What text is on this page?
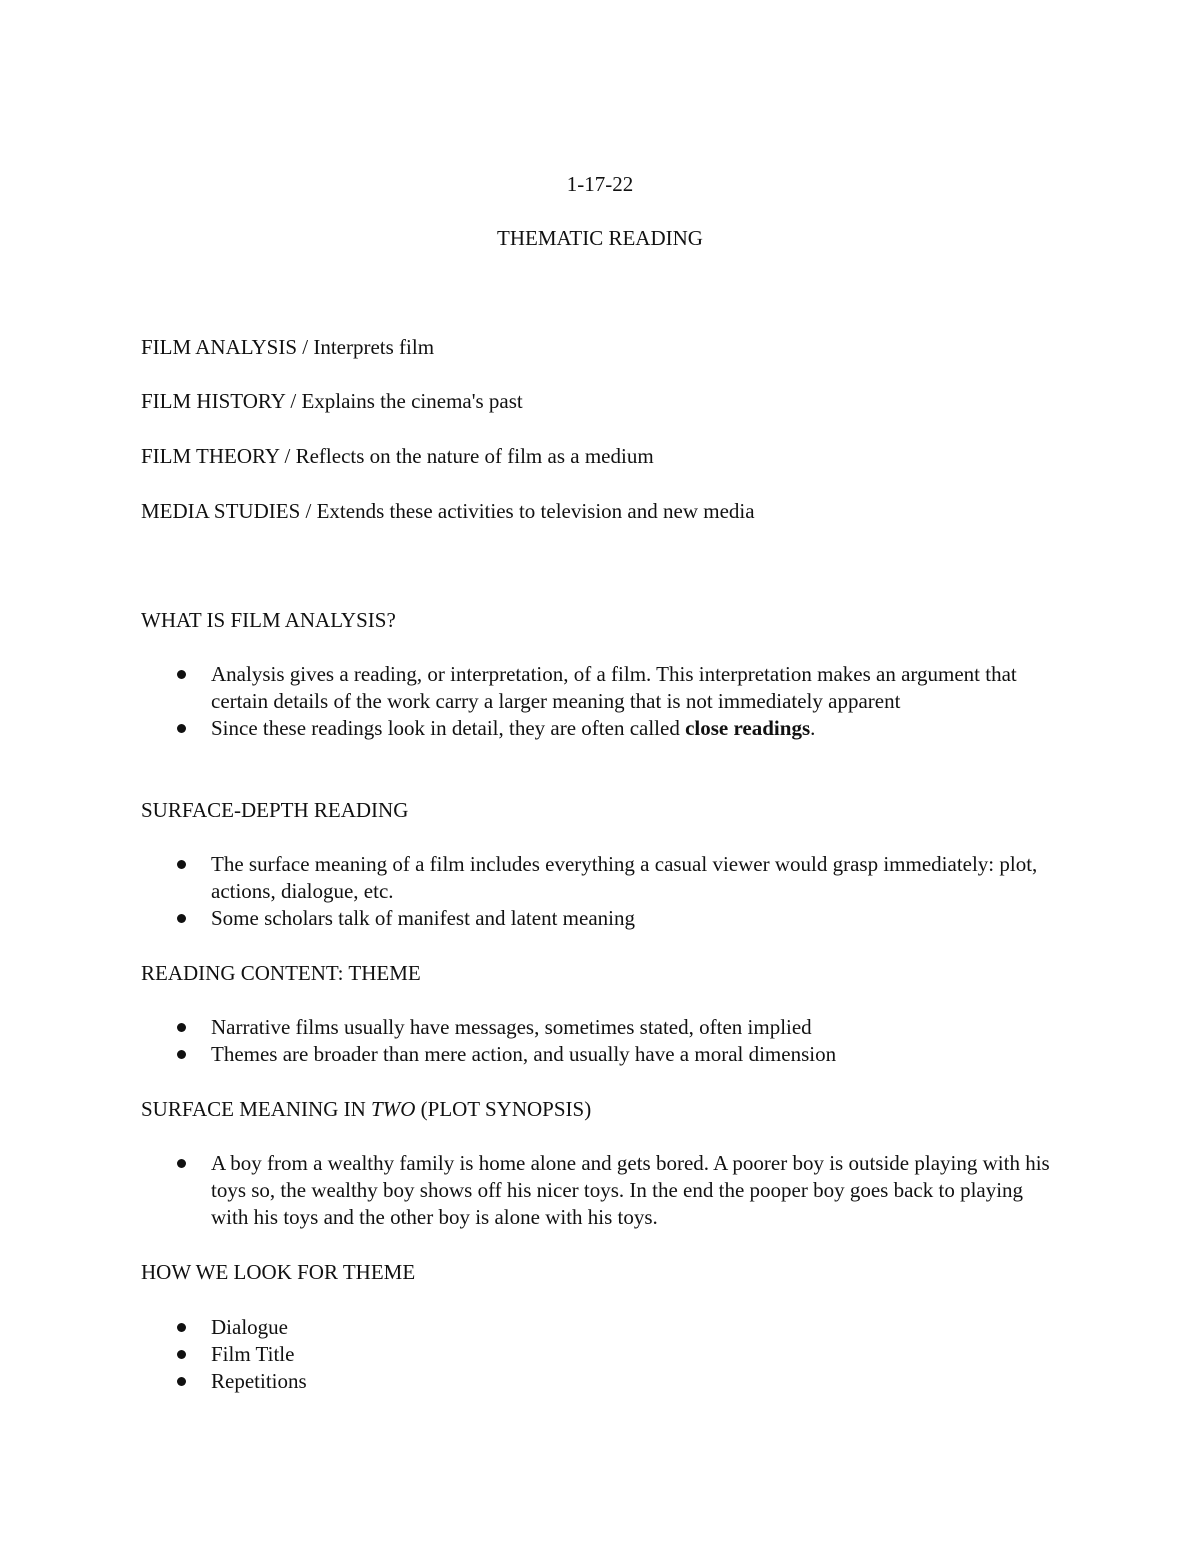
1-17-22
THEMATIC READING
FILM ANALYSIS / Interprets film
FILM HISTORY / Explains the cinema's past
FILM THEORY / Reflects on the nature of film as a medium
MEDIA STUDIES / Extends these activities to television and new media
WHAT IS FILM ANALYSIS?
Analysis gives a reading, or interpretation, of a film. This interpretation makes an argument that certain details of the work carry a larger meaning that is not immediately apparent
Since these readings look in detail, they are often called close readings.
SURFACE-DEPTH READING
The surface meaning of a film includes everything a casual viewer would grasp immediately: plot, actions, dialogue, etc.
Some scholars talk of manifest and latent meaning
READING CONTENT: THEME
Narrative films usually have messages, sometimes stated, often implied
Themes are broader than mere action, and usually have a moral dimension
SURFACE MEANING IN TWO (PLOT SYNOPSIS)
A boy from a wealthy family is home alone and gets bored. A poorer boy is outside playing with his toys so, the wealthy boy shows off his nicer toys. In the end the pooper boy goes back to playing with his toys and the other boy is alone with his toys.
HOW WE LOOK FOR THEME
Dialogue
Film Title
Repetitions
